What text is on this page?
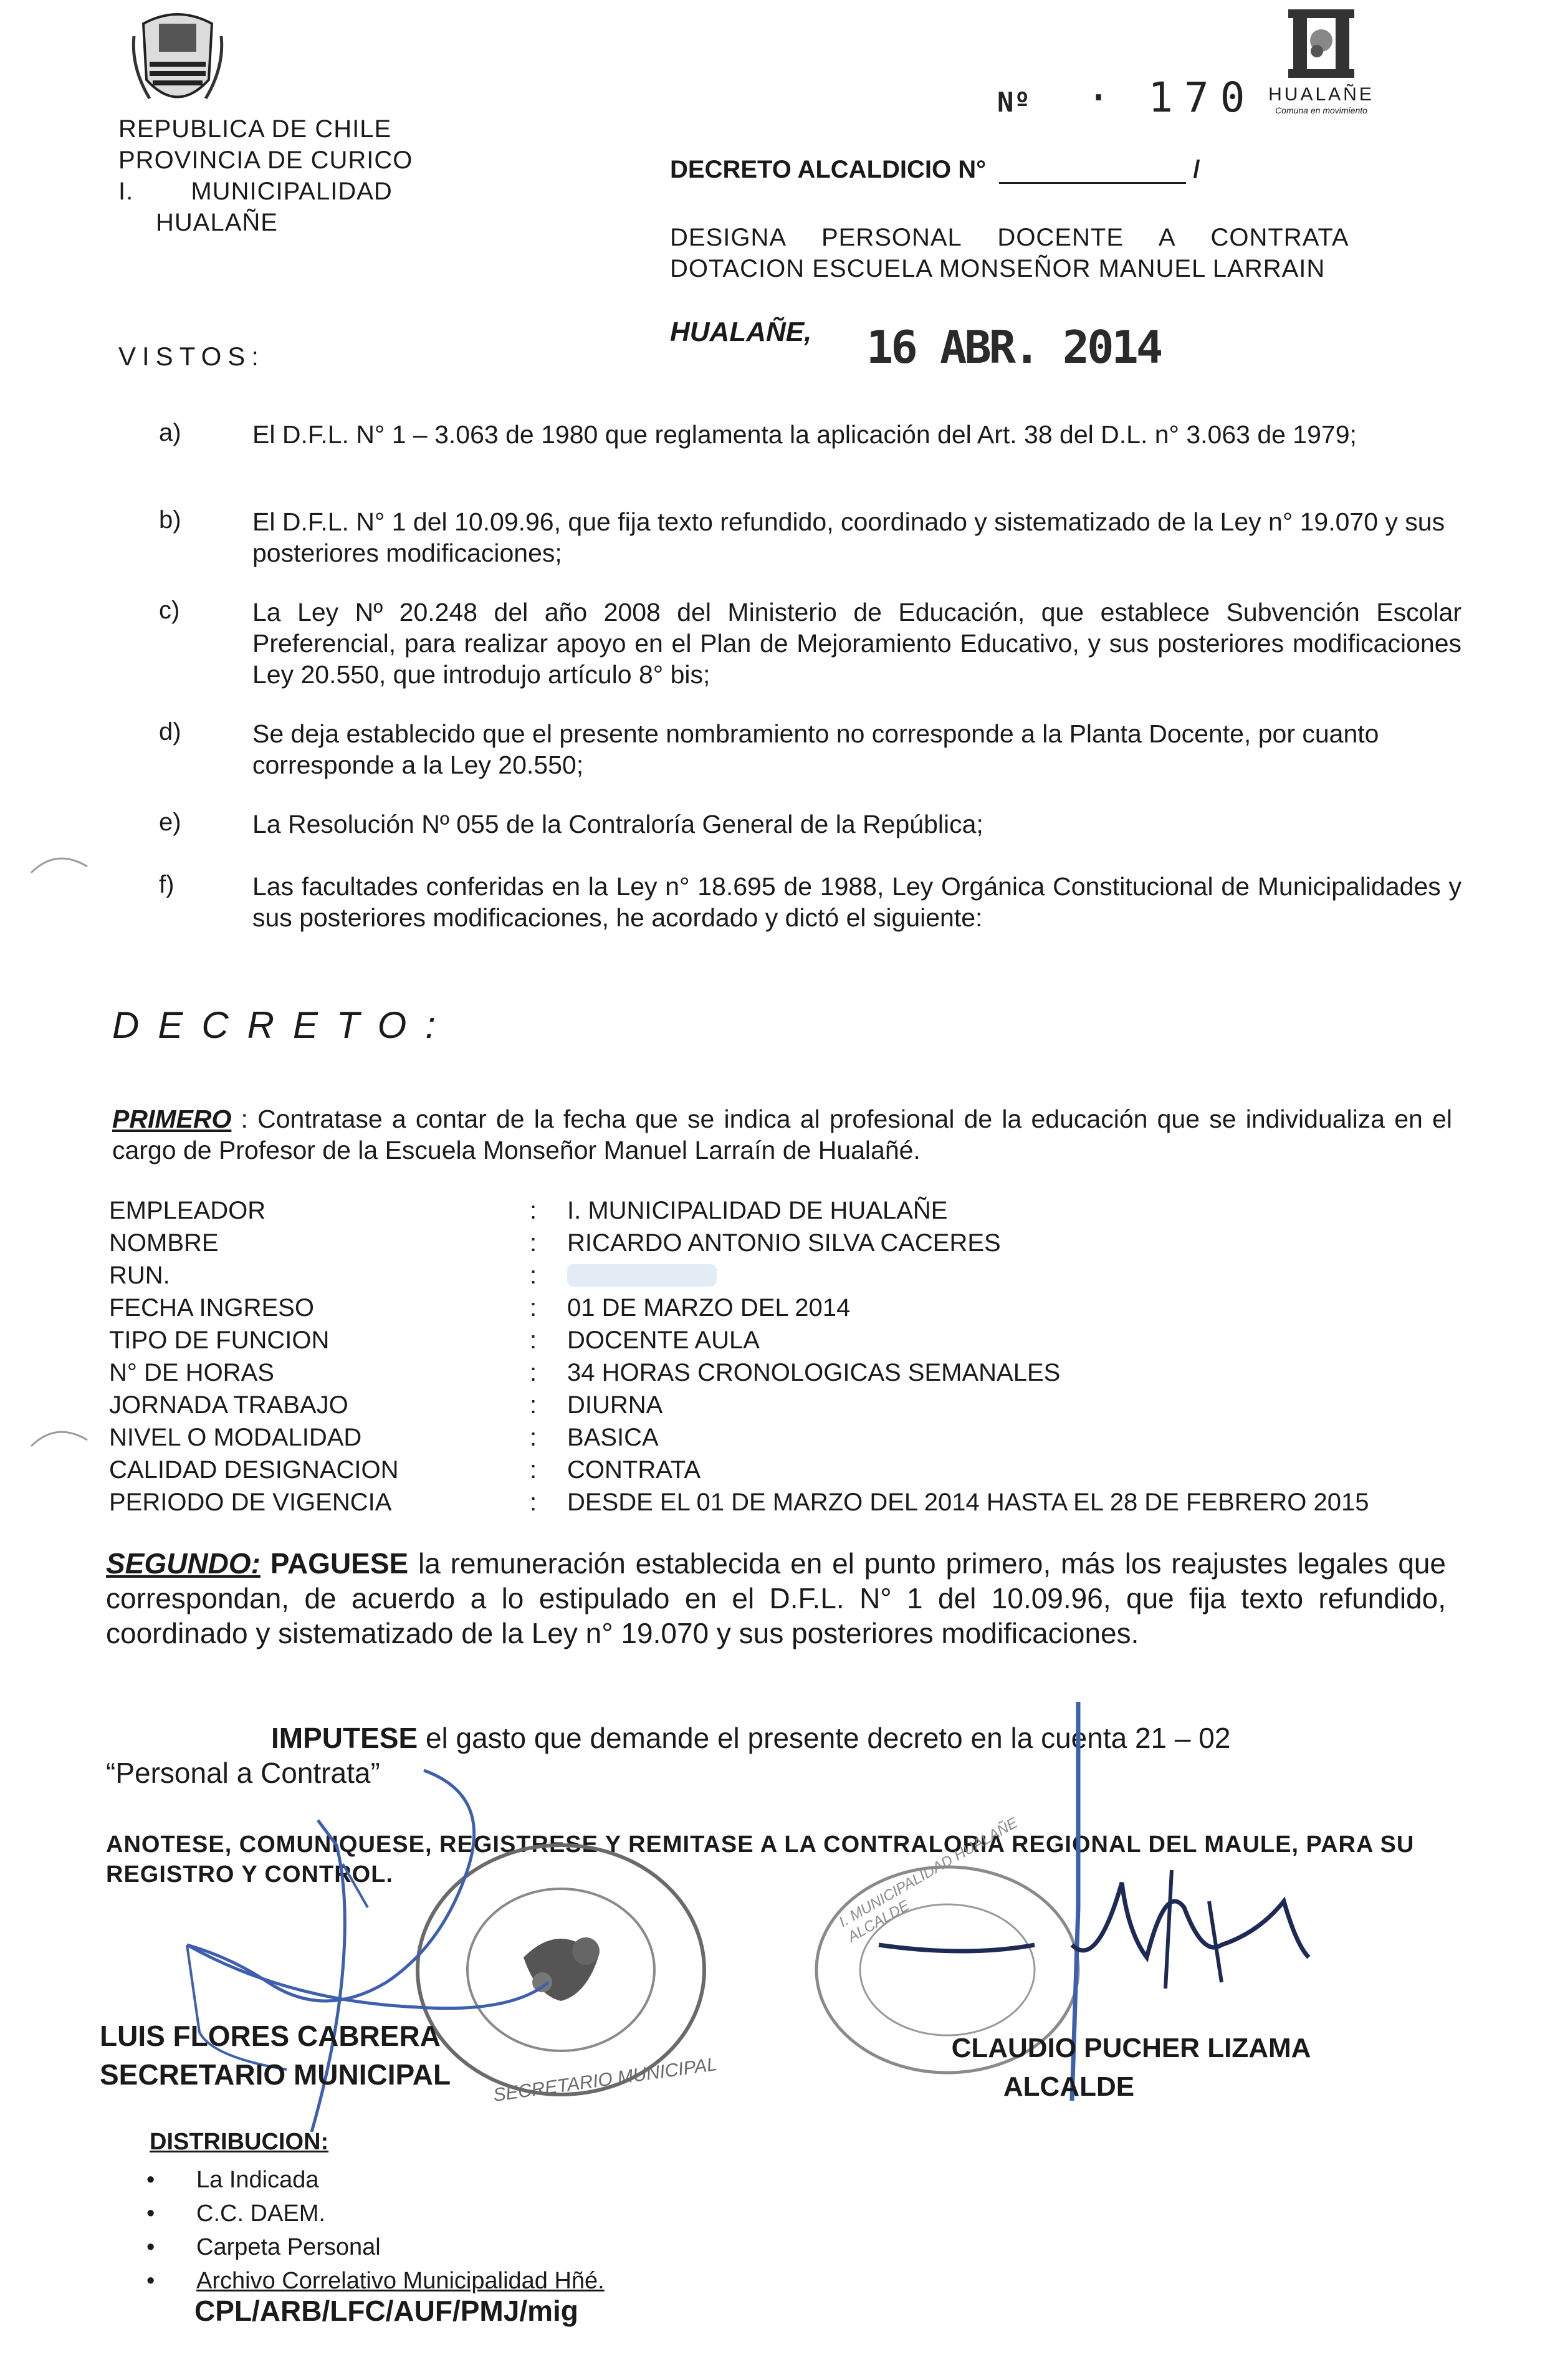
REPUBLICA DE CHILE
PROVINCIA DE CURICO
I. MUNICIPALIDAD
HUALAÑE
HUALAÑE
Comuna en movimiento
Nº · 170
DECRETO ALCALDICIO N°	/
DESIGNA PERSONAL DOCENTE A CONTRATA
DOTACION ESCUELA MONSEÑOR MANUEL LARRAIN
VISTOS:
HUALAÑE, 16 ABR. 2014
a)	El D.F.L. N° 1 – 3.063 de 1980 que reglamenta la aplicación del Art. 38 del D.L. n° 3.063 de 1979;
b)	El D.F.L. N° 1 del 10.09.96, que fija texto refundido, coordinado y sistematizado de la Ley n° 19.070 y sus posteriores modificaciones;
c)	La Ley Nº 20.248 del año 2008 del Ministerio de Educación, que establece Subvención Escolar Preferencial, para realizar apoyo en el Plan de Mejoramiento Educativo, y sus posteriores modificaciones Ley 20.550, que introdujo artículo 8° bis;
d)	Se deja establecido que el presente nombramiento no corresponde a la Planta Docente, por cuanto corresponde a la Ley 20.550;
e)	La Resolución Nº 055 de la Contraloría General de la República;
f)	Las facultades conferidas en la Ley n° 18.695 de 1988, Ley Orgánica Constitucional de Municipalidades y sus posteriores modificaciones, he acordado y dictó el siguiente:
DECRETO:
PRIMERO : Contratase a contar de la fecha que se indica al profesional de la educación que se individualiza en el cargo de Profesor de la Escuela Monseñor Manuel Larraín de Hualañé.
EMPLEADOR	:	I. MUNICIPALIDAD DE HUALAÑE
NOMBRE	:	RICARDO ANTONIO SILVA CACERES
RUN.	:
FECHA INGRESO	:	01 DE MARZO DEL 2014
TIPO DE FUNCION	:	DOCENTE AULA
N° DE HORAS	:	34 HORAS CRONOLOGICAS SEMANALES
JORNADA TRABAJO	:	DIURNA
NIVEL O MODALIDAD	:	BASICA
CALIDAD DESIGNACION	:	CONTRATA
PERIODO DE VIGENCIA	:	DESDE EL 01 DE MARZO DEL 2014 HASTA EL 28 DE FEBRERO 2015
SEGUNDO: PAGUESE la remuneración establecida en el punto primero, más los reajustes legales que correspondan, de acuerdo a lo estipulado en el D.F.L. N° 1 del 10.09.96, que fija texto refundido, coordinado y sistematizado de la Ley n° 19.070 y sus posteriores modificaciones.
IMPUTESE el gasto que demande el presente decreto en la cuenta 21 – 02
“Personal a Contrata”
ANOTESE, COMUNIQUESE, REGISTRESE Y REMITASE A LA CONTRALORIA REGIONAL DEL MAULE, PARA SU REGISTRO Y CONTROL.
SECRETARIO MUNICIPAL
I. MUNICIPALIDAD HUALAÑE ALCALDE
LUIS FLORES CABRERA
SECRETARIO MUNICIPAL
CLAUDIO PUCHER LIZAMA
ALCALDE
DISTRIBUCION:
• La Indicada
• C.C. DAEM.
• Carpeta Personal
• Archivo Correlativo Municipalidad Hñé.
CPL/ARB/LFC/AUF/PMJ/mig
